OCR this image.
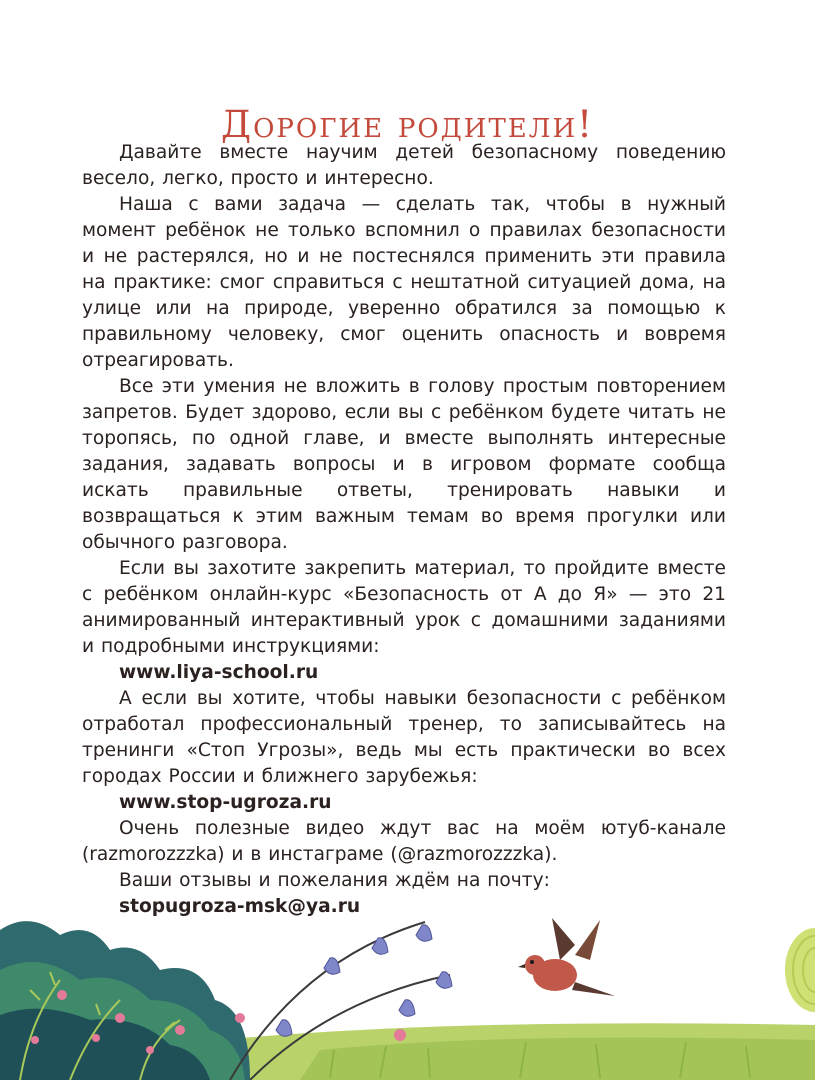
Дорогие родители!

Давайте вместе научим детей безопасному поведению весело, легко, просто и интересно.

Наша с вами задача — сделать так, чтобы в нужный момент ребёнок не только вспомнил о правилах безопасности и не растерялся, но и не постеснялся применить эти правила на практике: смог справиться с нештатной ситуацией дома, на улице или на природе, уверенно обратился за помощью к правильному человеку, смог оценить опасность и вовремя отреагировать.

Все эти умения не вложить в голову простым повторением запретов. Будет здорово, если вы с ребёнком будете читать не торопясь, по одной главе, и вместе выполнять интересные задания, задавать вопросы и в игровом формате сообща искать правильные ответы, тренировать навыки и возвращаться к этим важным темам во время прогулки или обычного разговора.

Если вы захотите закрепить материал, то пройдите вместе с ребёнком онлайн-курс «Безопасность от А до Я» — это 21 анимированный интерактивный урок с домашними заданиями и подробными инструкциями:

www.liya-school.ru

А если вы хотите, чтобы навыки безопасности с ребёнком отработал профессиональный тренер, то записывайтесь на тренинги «Стоп Угрозы», ведь мы есть практически во всех городах России и ближнего зарубежья:

www.stop-ugroza.ru

Очень полезные видео ждут вас на моём ютуб-канале (razmorozzzka) и в инстаграме (@razmorozzzka).

Ваши отзывы и пожелания ждём на почту:

stopugroza-msk@ya.ru
